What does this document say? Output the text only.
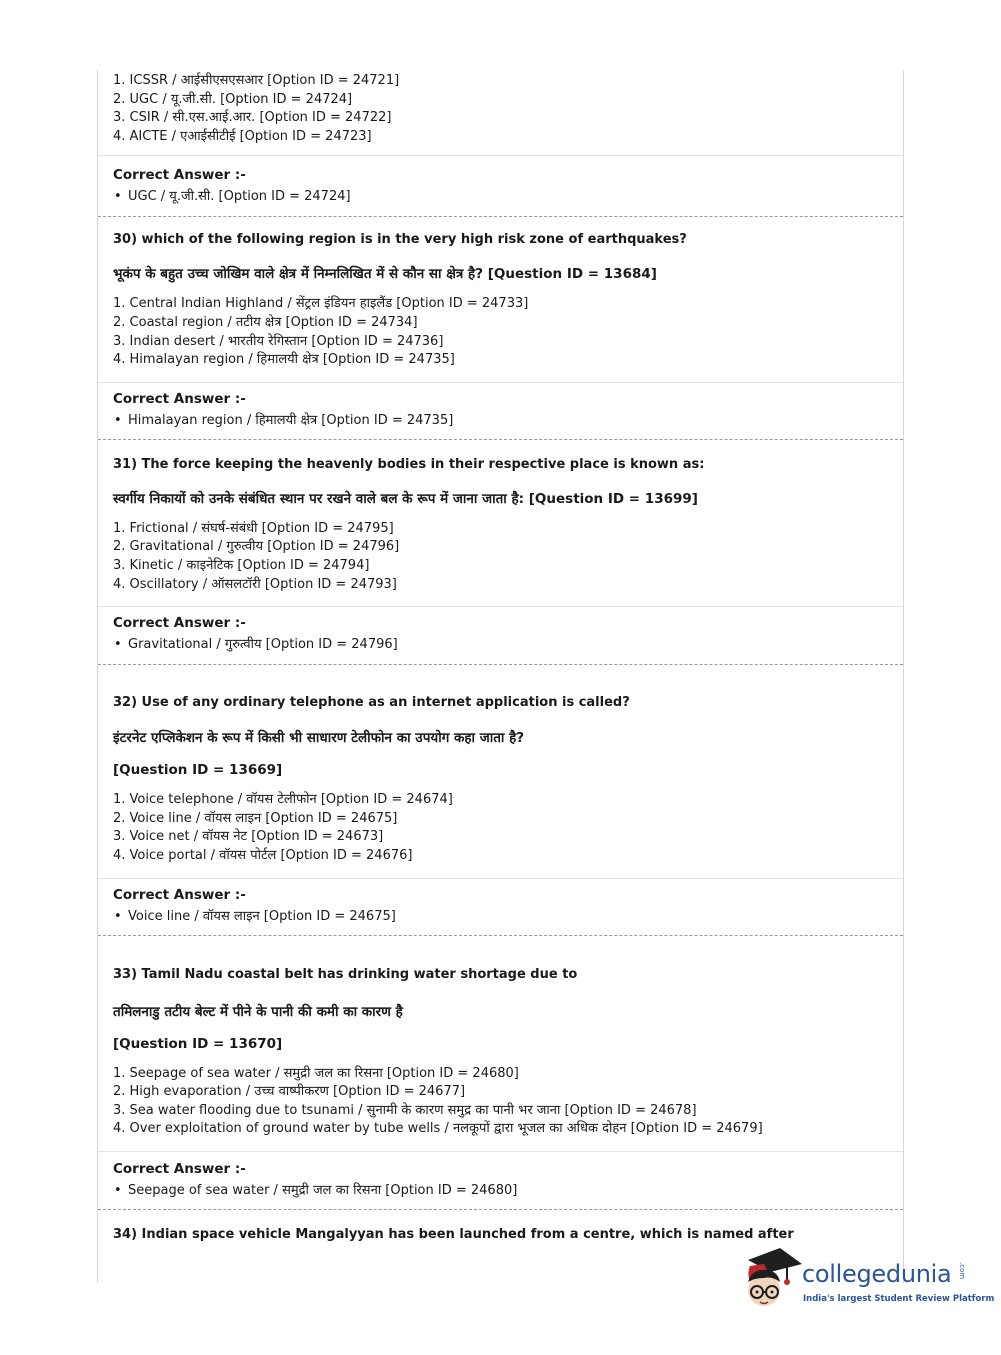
1. ICSSR / आईसीएसएसआर [Option ID = 24721]
2. UGC / यू.जी.सी. [Option ID = 24724]
3. CSIR / सी.एस.आई.आर. [Option ID = 24722]
4. AICTE / एआईसीटीई [Option ID = 24723]
Correct Answer :-
• UGC / यू.जी.सी. [Option ID = 24724]
30) which of the following region is in the very high risk zone of earthquakes?
भूकंप के बहुत उच्च जोखिम वाले क्षेत्र में निम्नलिखित में से कौन सा क्षेत्र है? [Question ID = 13684]
1. Central Indian Highland / सेंट्रल इंडियन हाइलैंड [Option ID = 24733]
2. Coastal region / तटीय क्षेत्र [Option ID = 24734]
3. Indian desert / भारतीय रेगिस्तान [Option ID = 24736]
4. Himalayan region / हिमालयी क्षेत्र [Option ID = 24735]
Correct Answer :-
• Himalayan region / हिमालयी क्षेत्र [Option ID = 24735]
31) The force keeping the heavenly bodies in their respective place is known as:
स्वर्गीय निकायों को उनके संबंधित स्थान पर रखने वाले बल के रूप में जाना जाता है: [Question ID = 13699]
1. Frictional / संघर्ष-संबंधी [Option ID = 24795]
2. Gravitational / गुरुत्वीय [Option ID = 24796]
3. Kinetic / काइनेटिक [Option ID = 24794]
4. Oscillatory / ऑसलटॉरी [Option ID = 24793]
Correct Answer :-
• Gravitational / गुरुत्वीय [Option ID = 24796]
32) Use of any ordinary telephone as an internet application is called?
इंटरनेट एप्लिकेशन के रूप में किसी भी साधारण टेलीफोन का उपयोग कहा जाता है?
[Question ID = 13669]
1. Voice telephone / वॉयस टेलीफोन [Option ID = 24674]
2. Voice line / वॉयस लाइन [Option ID = 24675]
3. Voice net / वॉयस नेट [Option ID = 24673]
4. Voice portal / वॉयस पोर्टल [Option ID = 24676]
Correct Answer :-
• Voice line / वॉयस लाइन [Option ID = 24675]
33) Tamil Nadu coastal belt has drinking water shortage due to
तमिलनाडु तटीय बेल्ट में पीने के पानी की कमी का कारण है
[Question ID = 13670]
1. Seepage of sea water / समुद्री जल का रिसना [Option ID = 24680]
2. High evaporation / उच्च वाष्पीकरण [Option ID = 24677]
3. Sea water flooding due to tsunami / सुनामी के कारण समुद्र का पानी भर जाना [Option ID = 24678]
4. Over exploitation of ground water by tube wells / नलकूपों द्वारा भूजल का अधिक दोहन [Option ID = 24679]
Correct Answer :-
• Seepage of sea water / समुद्री जल का रिसना [Option ID = 24680]
34) Indian space vehicle Mangalyyan has been launched from a centre, which is named after
collegedunia .com
India's largest Student Review Platform
